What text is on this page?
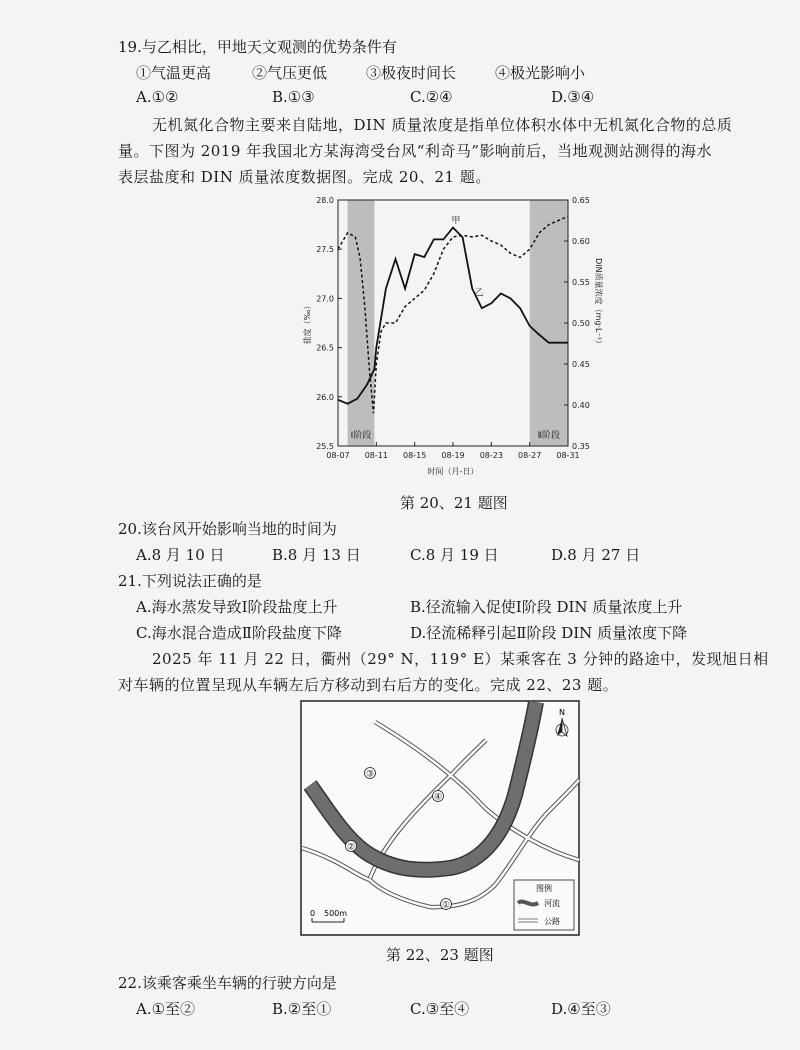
19.与乙相比，甲地天文观测的优势条件有
①气温更高	②气压更低	③极夜时间长	④极光影响小
A.①②	B.①③	C.②④	D.③④
无机氮化合物主要来自陆地，DIN 质量浓度是指单位体积水体中无机氮化合物的总质
量。下图为 2019 年我国北方某海湾受台风“利奇马”影响前后，当地观测站测得的海水
表层盐度和 DIN 质量浓度数据图。完成 20、21 题。
Ⅰ阶段	Ⅱ阶段
08-07 08-11 08-15 08-19 08-23 08-27 08-31
25.5
26.0
26.5
27.0
27.5
28.0
0.35
0.40
0.45
0.50
0.55
0.60
0.65
时间（月-日）
盐度（‰）	DIN质量浓度（mg·L⁻¹）
乙
甲
第 20、21 题图
20.该台风开始影响当地的时间为
A.8 月 10 日	B.8 月 13 日	C.8 月 19 日	D.8 月 27 日
21.下列说法正确的是
A.海水蒸发导致Ⅰ阶段盐度上升	B.径流输入促使Ⅰ阶段 DIN 质量浓度上升
C.海水混合造成Ⅱ阶段盐度下降	D.径流稀释引起Ⅱ阶段 DIN 质量浓度下降
2025 年 11 月 22 日，衢州（29° N，119° E）某乘客在 3 分钟的路途中，发现旭日相
对车辆的位置呈现从车辆左后方移动到右后方的变化。完成 22、23 题。
①
②
③
④
N
0 500m
图例
河流
公路
第 22、23 题图
22.该乘客乘坐车辆的行驶方向是
A.①至②	B.②至①	C.③至④	D.④至③
